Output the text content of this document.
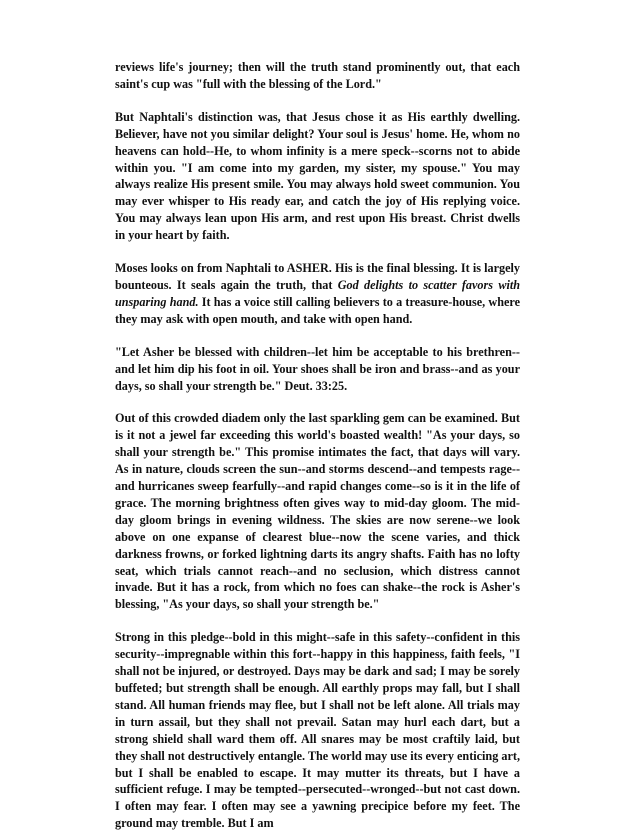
reviews life's journey; then will the truth stand prominently out, that each saint's cup was "full with the blessing of the Lord."

But Naphtali's distinction was, that Jesus chose it as His earthly dwelling. Believer, have not you similar delight? Your soul is Jesus' home. He, whom no heavens can hold--He, to whom infinity is a mere speck--scorns not to abide within you. "I am come into my garden, my sister, my spouse." You may always realize His present smile. You may always hold sweet communion. You may ever whisper to His ready ear, and catch the joy of His replying voice. You may always lean upon His arm, and rest upon His breast. Christ dwells in your heart by faith.

Moses looks on from Naphtali to ASHER. His is the final blessing. It is largely bounteous. It seals again the truth, that God delights to scatter favors with unsparing hand. It has a voice still calling believers to a treasure-house, where they may ask with open mouth, and take with open hand.

"Let Asher be blessed with children--let him be acceptable to his brethren--and let him dip his foot in oil. Your shoes shall be iron and brass--and as your days, so shall your strength be." Deut. 33:25.

Out of this crowded diadem only the last sparkling gem can be examined. But is it not a jewel far exceeding this world's boasted wealth! "As your days, so shall your strength be." This promise intimates the fact, that days will vary. As in nature, clouds screen the sun--and storms descend--and tempests rage--and hurricanes sweep fearfully--and rapid changes come--so is it in the life of grace. The morning brightness often gives way to mid-day gloom. The mid-day gloom brings in evening wildness. The skies are now serene--we look above on one expanse of clearest blue--now the scene varies, and thick darkness frowns, or forked lightning darts its angry shafts. Faith has no lofty seat, which trials cannot reach--and no seclusion, which distress cannot invade. But it has a rock, from which no foes can shake--the rock is Asher's blessing, "As your days, so shall your strength be."

Strong in this pledge--bold in this might--safe in this safety--confident in this security--impregnable within this fort--happy in this happiness, faith feels, "I shall not be injured, or destroyed. Days may be dark and sad; I may be sorely buffeted; but strength shall be enough. All earthly props may fall, but I shall stand. All human friends may flee, but I shall not be left alone. All trials may in turn assail, but they shall not prevail. Satan may hurl each dart, but a strong shield shall ward them off. All snares may be most craftily laid, but they shall not destructively entangle. The world may use its every enticing art, but I shall be enabled to escape. It may mutter its threats, but I have a sufficient refuge. I may be tempted--persecuted--wronged--but not cast down. I often may fear. I often may see a yawning precipice before my feet. The ground may tremble. But I am
